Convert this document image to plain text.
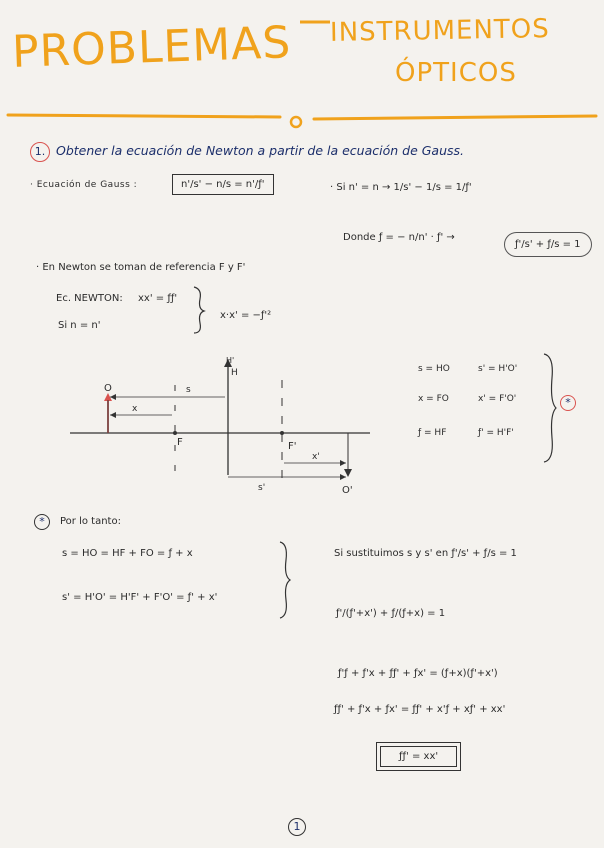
PROBLEMAS INSTRUMENTOS
ÓPTICOS
1. Obtener la ecuación de Newton a partir de la ecuación de Gauss.
· Ecuación de Gauss :	n'/s' − n/s = n'/ƒ'	· Si n' = n → 1/s' − 1/s = 1/ƒ'
Donde ƒ = − n/n' · ƒ' →
ƒ'/s' + ƒ/s = 1
· En Newton se toman de referencia F y F'
Ec. NEWTON: xx' = ƒƒ'
Si n = n'
x·x' = −ƒ'²
O	s
x
F
H
H'
F'
x'
s'	O'
s = HO	s' = H'O'
x = FO	x' = F'O'
ƒ = HF	ƒ' = H'F'
*
*	Por lo tanto:
s = HO = HF + FO = ƒ + x
s' = H'O' = H'F' + F'O' = ƒ' + x'
Si sustituimos s y s' en ƒ'/s' + ƒ/s = 1
ƒ'/(ƒ'+x') + ƒ/(ƒ+x) = 1
ƒ'ƒ + ƒ'x + ƒƒ' + ƒx' = (ƒ+x)(ƒ'+x')
ƒƒ' + ƒ'x + ƒx' = ƒƒ' + x'ƒ + xƒ' + xx'
ƒƒ' = xx'
1
